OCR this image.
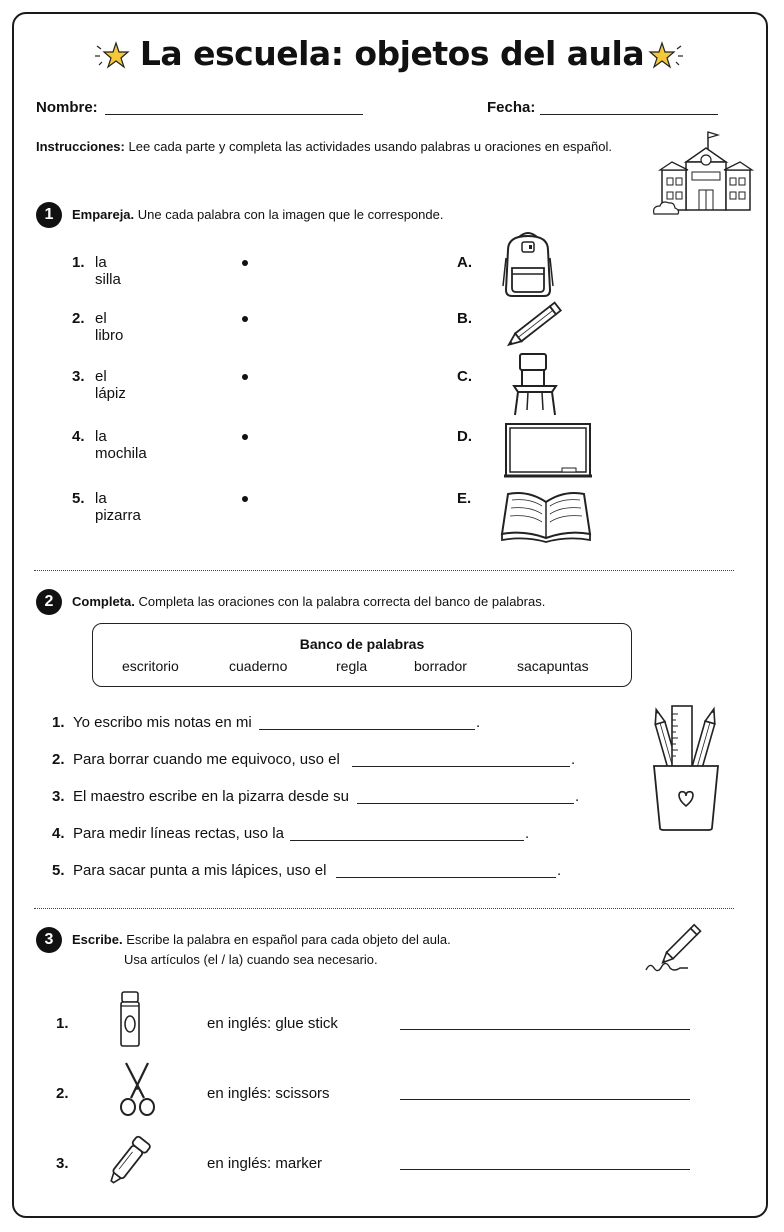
La escuela: objetos del aula
Nombre:	Fecha:
Instrucciones: Lee cada parte y completa las actividades usando palabras u oraciones en español.
1	Empareja. Une cada palabra con la imagen que le corresponde.
1. la silla
A.
2. el libro
B.
3. el lápiz
C.
4. la mochila
D.
5. la pizarra
E.
2	Completa. Completa las oraciones con la palabra correcta del banco de palabras.
Banco de palabras
escritorio	cuaderno	regla	borrador	sacapuntas
1. Yo escribo mis notas en mi	.
2. Para borrar cuando me equivoco, uso el	.
3. El maestro escribe en la pizarra desde su	.
4. Para medir líneas rectas, uso la	.
5. Para sacar punta a mis lápices, uso el	.
3	Escribe. Escribe la palabra en español para cada objeto del aula.
Usa artículos (el / la) cuando sea necesario.
1.	en inglés: glue stick
2.	en inglés: scissors
3.	en inglés: marker
